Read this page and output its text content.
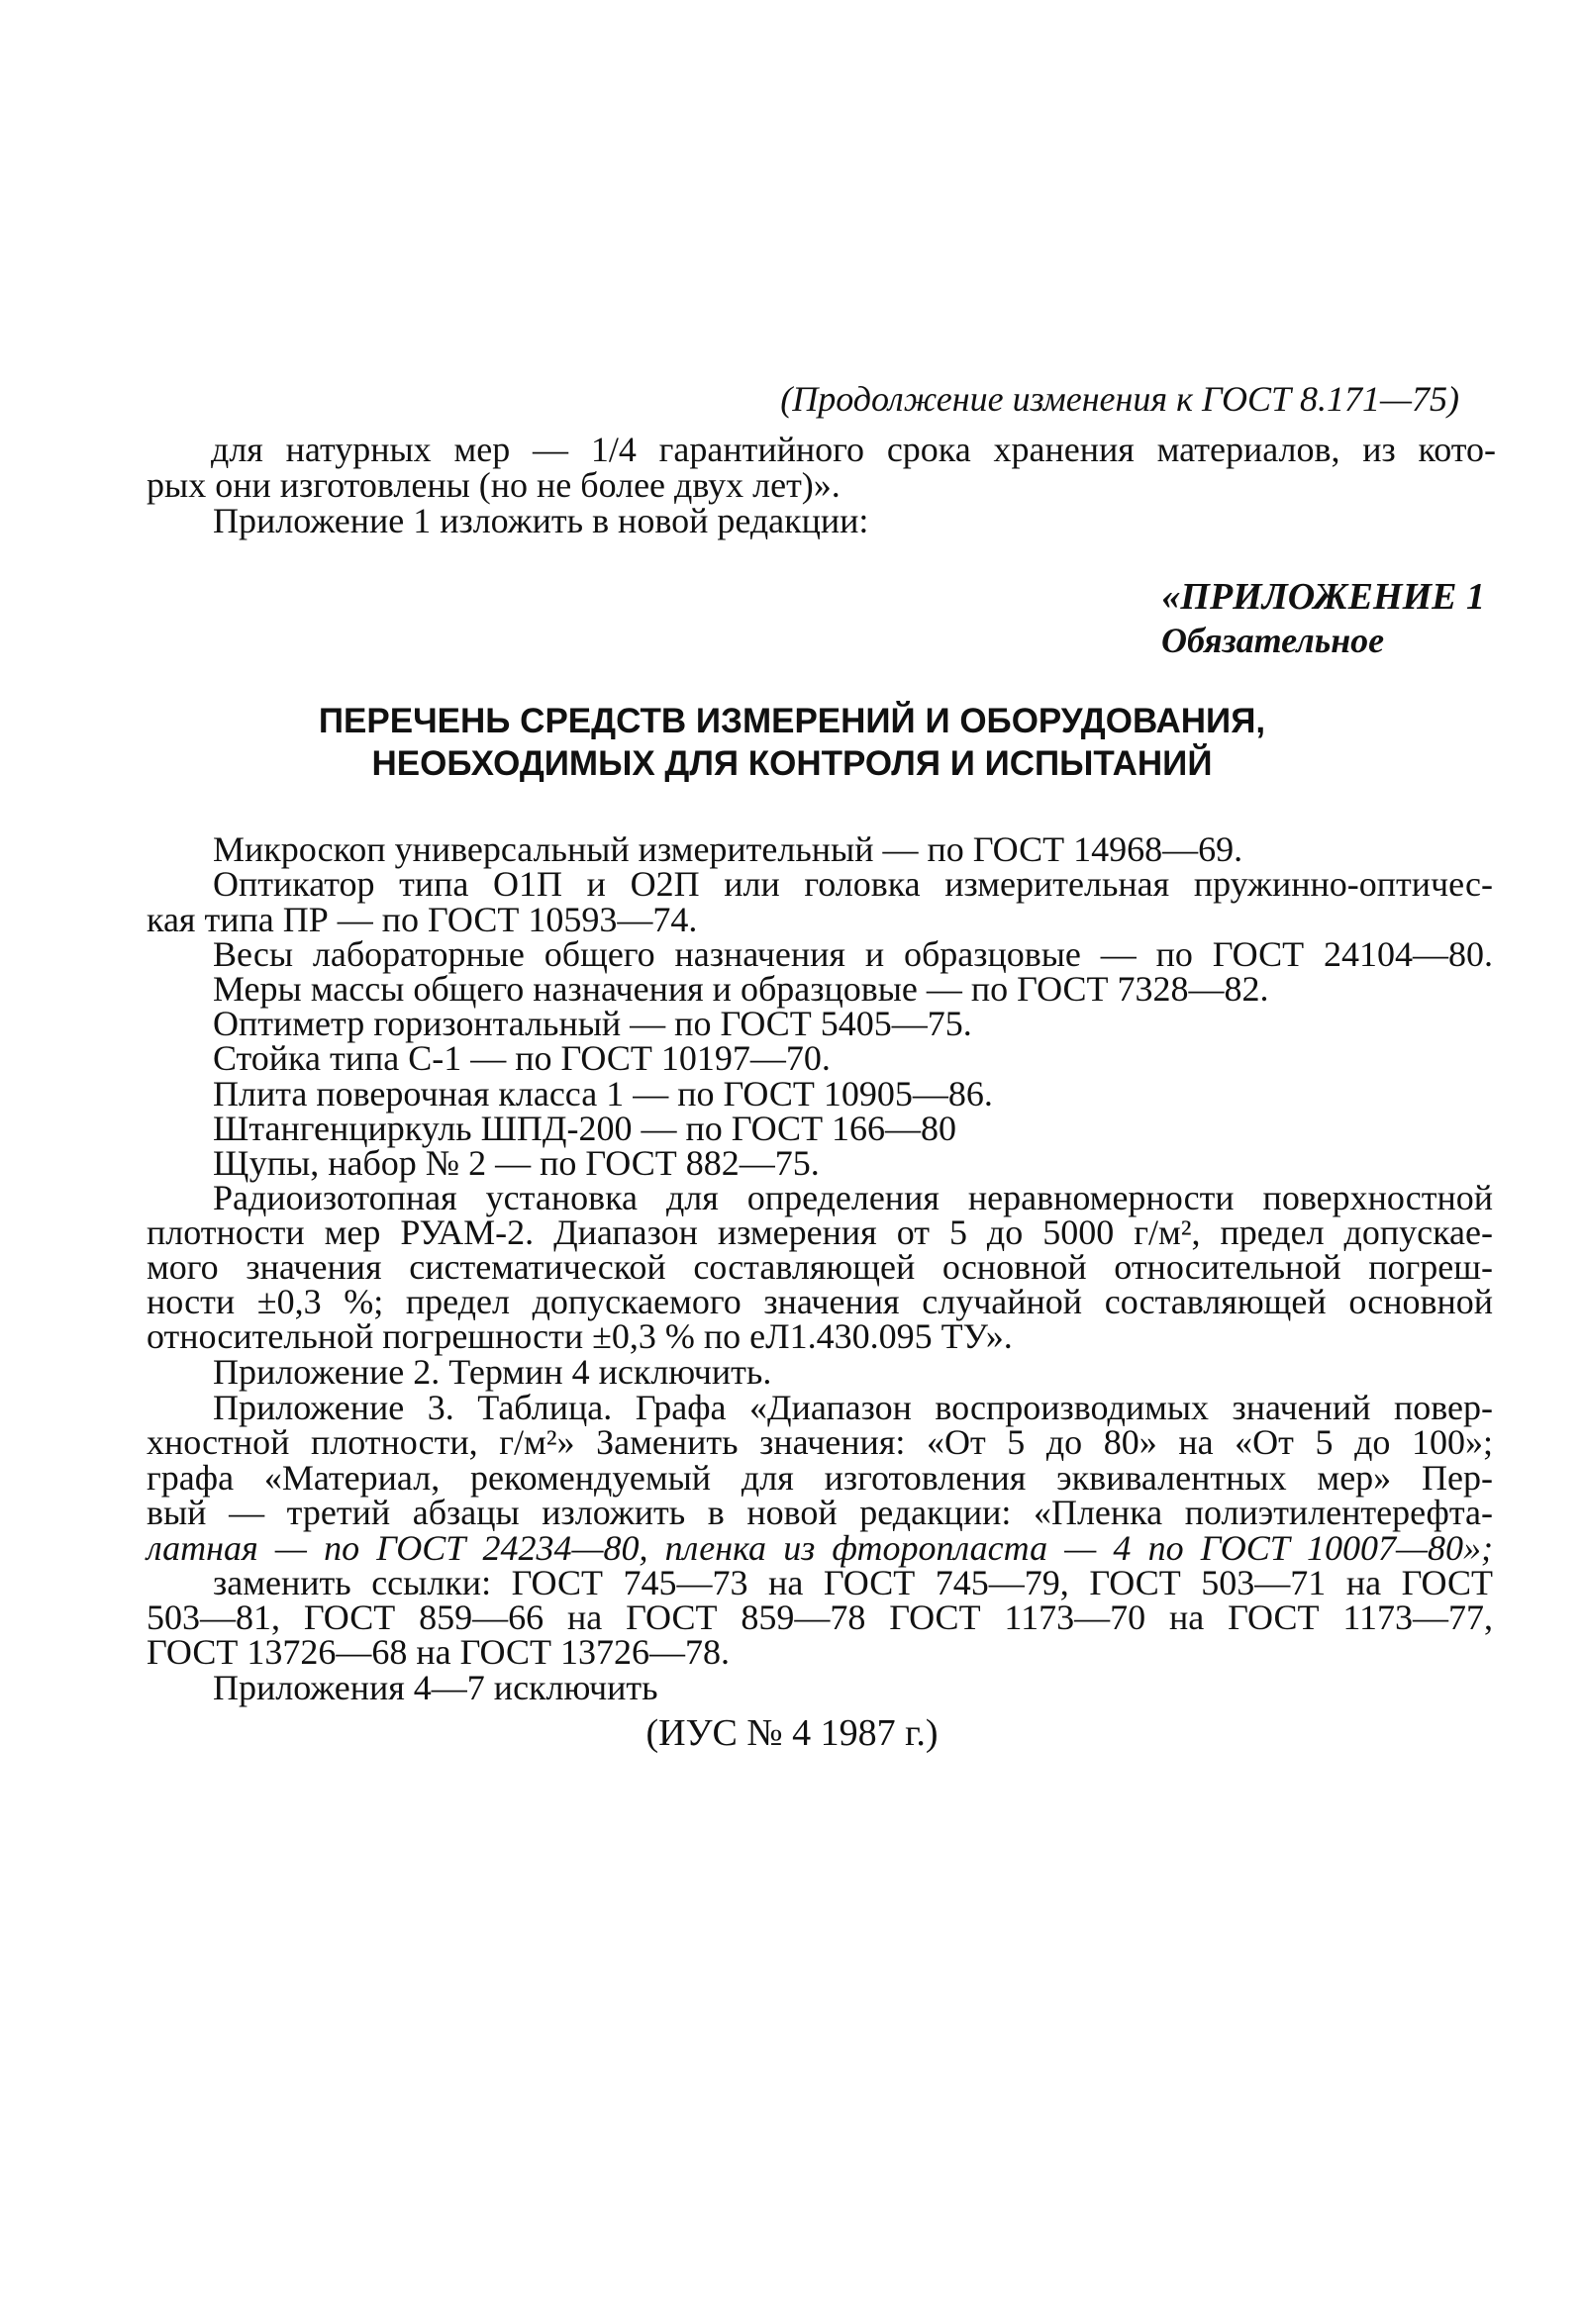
(Продолжение изменения к ГОСТ 8.171—75)
для натурных мер — 1/4 гарантийного срока хранения материалов, из кото-
рых они изготовлены (но не более двух лет)».
Приложение 1 изложить в новой редакции:
«ПРИЛОЖЕНИЕ 1
Обязательное
ПЕРЕЧЕНЬ СРЕДСТВ ИЗМЕРЕНИЙ И ОБОРУДОВАНИЯ,
НЕОБХОДИМЫХ ДЛЯ КОНТРОЛЯ И ИСПЫТАНИЙ
Микроскоп универсальный измерительный — по ГОСТ 14968—69.
Оптикатор типа О1П и О2П или головка измерительная пружинно-оптичес-
кая типа ПР — по ГОСТ 10593—74.
Весы лабораторные общего назначения и образцовые — по ГОСТ 24104—80.
Меры массы общего назначения и образцовые — по ГОСТ 7328—82.
Оптиметр горизонтальный — по ГОСТ 5405—75.
Стойка типа С-1 — по ГОСТ 10197—70.
Плита поверочная класса 1 — по ГОСТ 10905—86.
Штангенциркуль ШПД-200 — по ГОСТ 166—80
Щупы, набор № 2 — по ГОСТ 882—75.
Радиоизотопная установка для определения неравномерности поверхностной
плотности мер РУАМ-2. Диапазон измерения от 5 до 5000 г/м², предел допускае-
мого значения систематической составляющей основной относительной погреш-
ности ±0,3 %; предел допускаемого значения случайной составляющей основной
относительной погрешности ±0,3 % по еЛ1.430.095 ТУ».
Приложение 2. Термин 4 исключить.
Приложение 3. Таблица. Графа «Диапазон воспроизводимых значений повер-
хностной плотности, г/м²» Заменить значения: «От 5 до 80» на «От 5 до 100»;
графа «Материал, рекомендуемый для изготовления эквивалентных мер» Пер-
вый — третий абзацы изложить в новой редакции: «Пленка полиэтилентерефта-
латная — по ГОСТ 24234—80, пленка из фторопласта — 4 по ГОСТ 10007—80»;
заменить ссылки: ГОСТ 745—73 на ГОСТ 745—79, ГОСТ 503—71 на ГОСТ
503—81, ГОСТ 859—66 на ГОСТ 859—78 ГОСТ 1173—70 на ГОСТ 1173—77,
ГОСТ 13726—68 на ГОСТ 13726—78.
Приложения 4—7 исключить
(ИУС № 4 1987 г.)
